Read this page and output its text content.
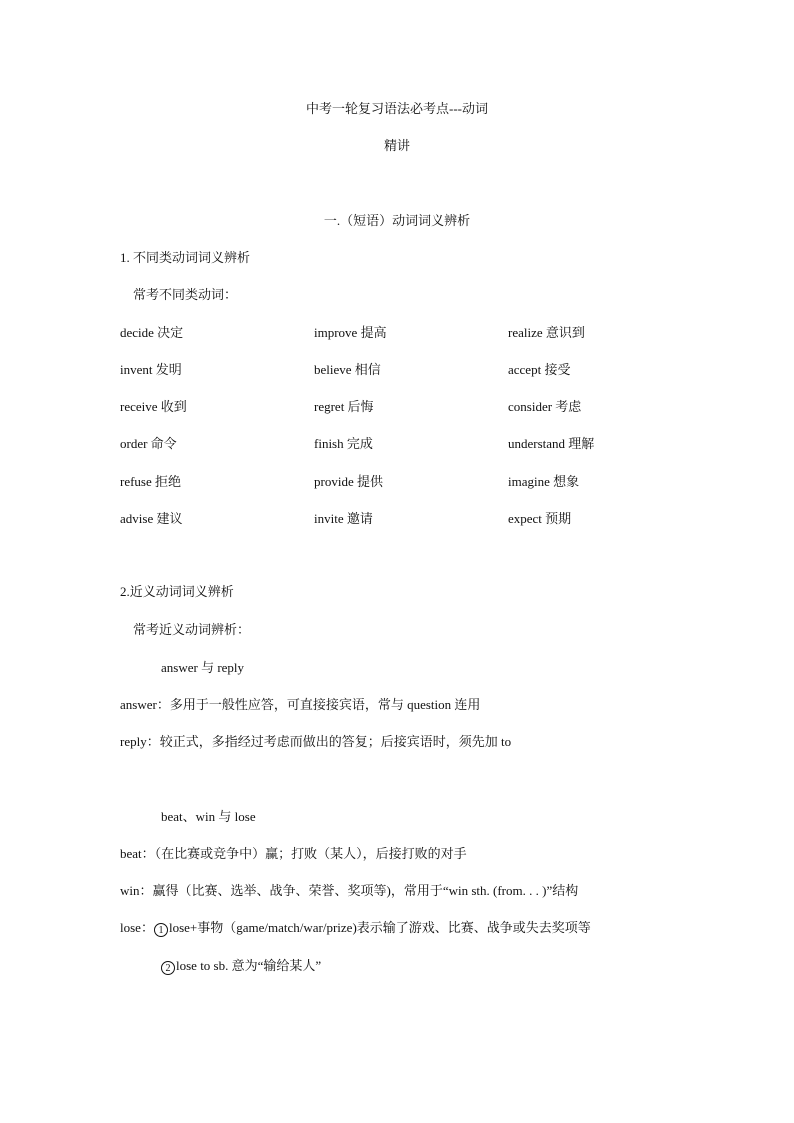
中考一轮复习语法必考点---动词
精讲
一.（短语）动词词义辨析
1. 不同类动词词义辨析
常考不同类动词：
decide 决定	improve 提高	realize 意识到
invent 发明	believe 相信	accept 接受
receive 收到	regret 后悔	consider 考虑
order 命令	finish 完成	understand 理解
refuse 拒绝	provide 提供	imagine 想象
advise 建议	invite 邀请	expect 预期
2.近义动词词义辨析
常考近义动词辨析：
answer 与 reply
answer：多用于一般性应答，可直接接宾语，常与 question 连用
reply：较正式，多指经过考虑而做出的答复；后接宾语时，须先加 to
beat、win 与 lose
beat：（在比赛或竞争中）赢；打败（某人），后接打败的对手
win：赢得（比赛、选举、战争、荣誉、奖项等)，常用于“win sth. (from. . . )”结构
lose： 1 lose+事物（game/match/war/prize)表示输了游戏、比赛、战争或失去奖项等
2 lose to sb. 意为“输给某人”
